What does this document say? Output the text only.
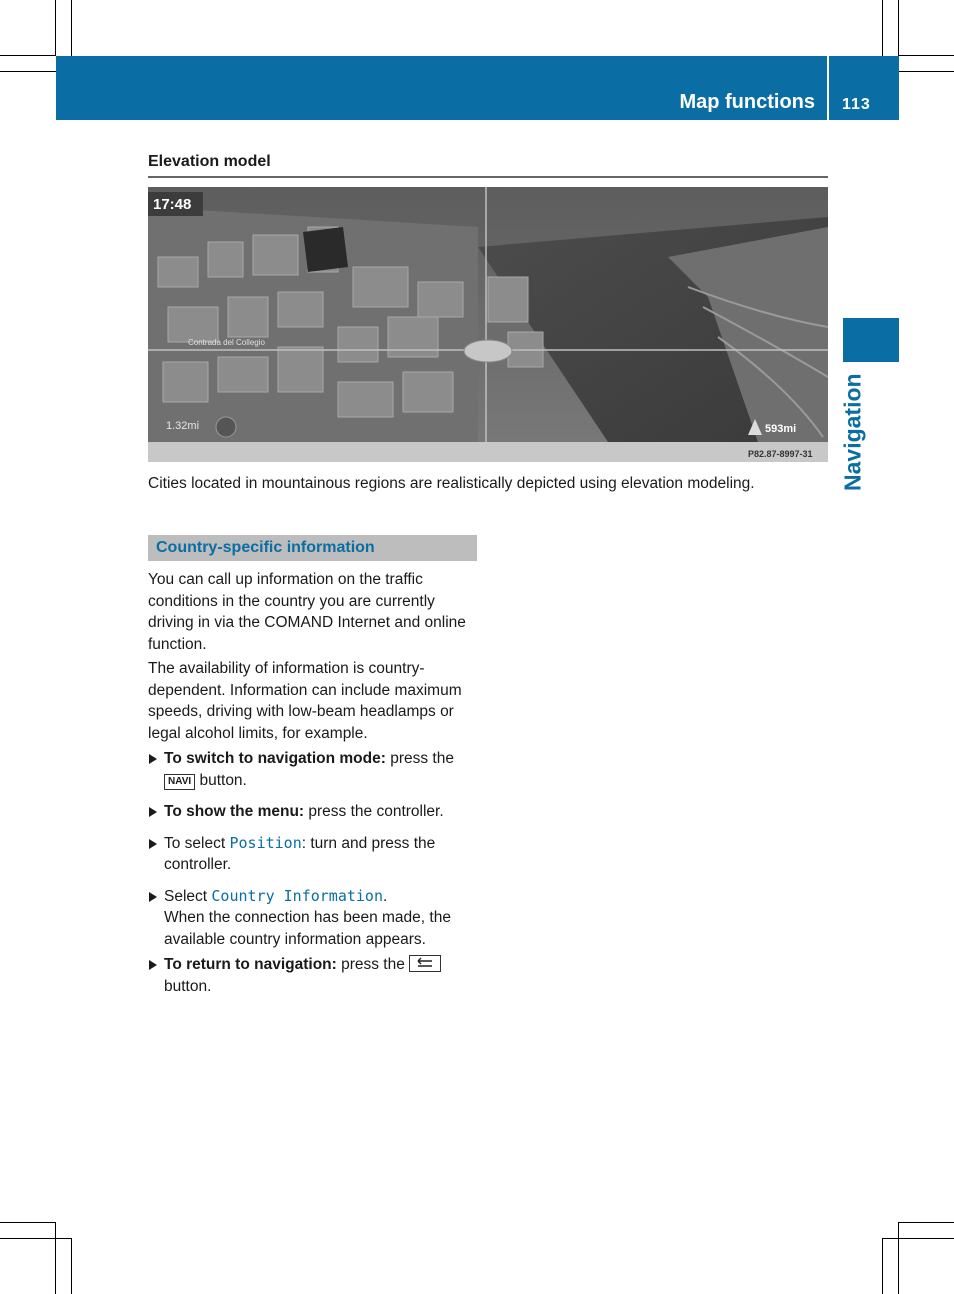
Map functions 113
Navigation
Elevation model
Contrada del Collegio
17:48
1.32mi	593mi
P82.87-8997-31
Cities located in mountainous regions are realistically depicted using elevation modeling.
Country-specific information

You can call up information on the traffic conditions in the country you are currently driving in via the COMAND Internet and online function.

The availability of information is country-dependent. Information can include maximum speeds, driving with low-beam headlamps or legal alcohol limits, for example.

To switch to navigation mode: press the
NAVI button.
To show the menu: press the controller.
To select Position: turn and press the controller.
Select Country Information.
When the connection has been made, the available country information appears.
To return to navigation: press the
button.
